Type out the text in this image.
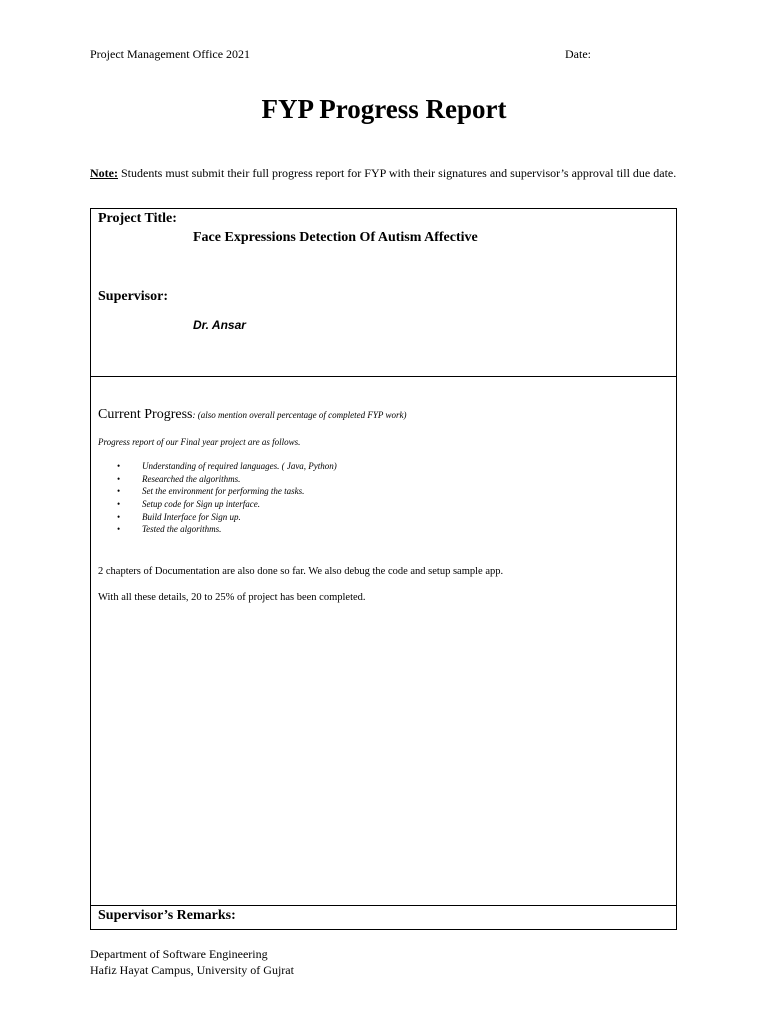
Project Management Office 2021	Date:
FYP Progress Report
Note: Students must submit their full progress report for FYP with their signatures and supervisor’s approval till due date.
Project Title:
Face Expressions Detection Of Autism Affective
Supervisor:
Dr. Ansar
Current Progress: (also mention overall percentage of completed FYP work)
Progress report of our Final year project are as follows.
• Understanding of required languages. ( Java, Python)
• Researched the algorithms.
• Set the environment for performing the tasks.
• Setup code for Sign up interface.
• Build Interface for Sign up.
• Tested the algorithms.
2 chapters of Documentation are also done so far. We also debug the code and setup sample app.
With all these details, 20 to 25% of project has been completed.
Supervisor’s Remarks:
Department of Software Engineering
Hafiz Hayat Campus, University of Gujrat
